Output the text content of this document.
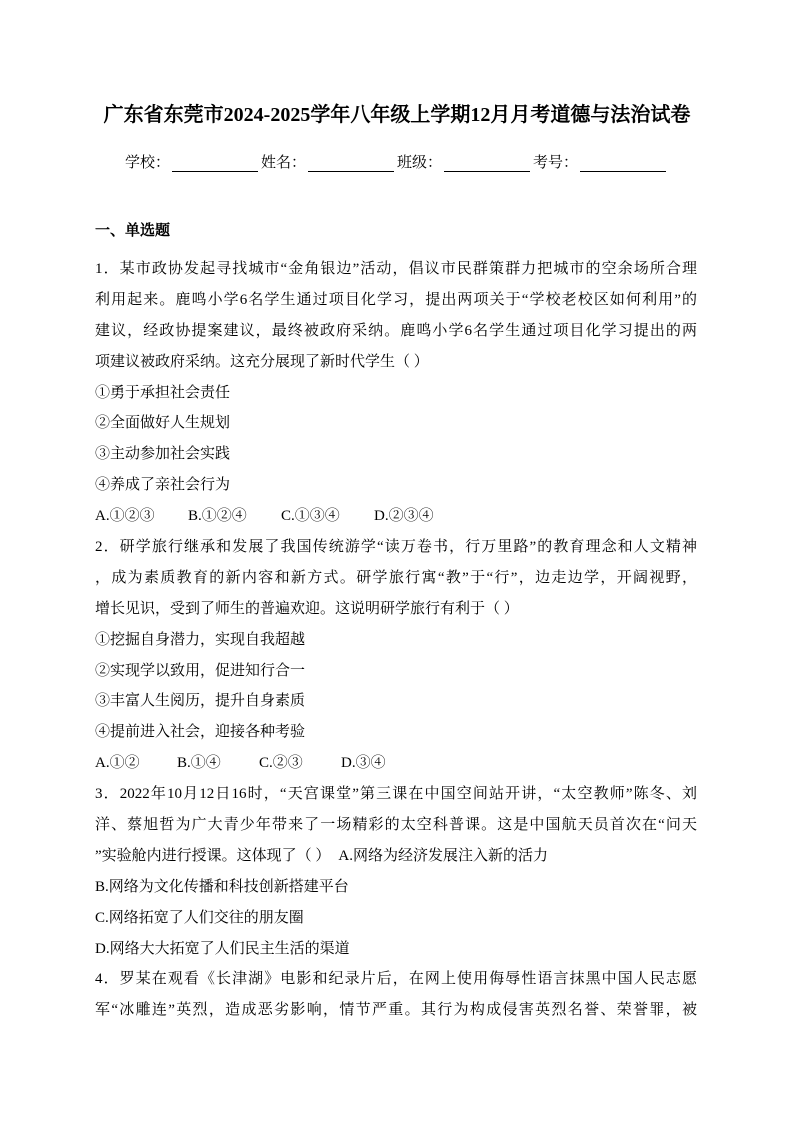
广东省东莞市2024-2025学年八年级上学期12月月考道德与法治试卷
学校：	姓名：	班级：	考号：
一、单选题
1．某市政协发起寻找城市“金角银边”活动，倡议市民群策群力把城市的空余场所合理
利用起来。鹿鸣小学6名学生通过项目化学习，提出两项关于“学校老校区如何利用”的
建议，经政协提案建议，最终被政府采纳。鹿鸣小学6名学生通过项目化学习提出的两
项建议被政府采纳。这充分展现了新时代学生（ ）
①勇于承担社会责任
②全面做好人生规划
③主动参加社会实践
④养成了亲社会行为
A.①②③	B.①②④	C.①③④	D.②③④
2．研学旅行继承和发展了我国传统游学“读万卷书，行万里路”的教育理念和人文精神
，成为素质教育的新内容和新方式。研学旅行寓“教”于“行”，边走边学，开阔视野，
增长见识，受到了师生的普遍欢迎。这说明研学旅行有利于（ ）
①挖掘自身潜力，实现自我超越
②实现学以致用，促进知行合一
③丰富人生阅历，提升自身素质
④提前进入社会，迎接各种考验
A.①②	B.①④	C.②③	D.③④
3．2022年10月12日16时，“天宫课堂”第三课在中国空间站开讲，“太空教师”陈冬、刘
洋、蔡旭哲为广大青少年带来了一场精彩的太空科普课。这是中国航天员首次在“问天
”实验舱内进行授课。这体现了（ ） A.网络为经济发展注入新的活力
B.网络为文化传播和科技创新搭建平台
C.网络拓宽了人们交往的朋友圈
D.网络大大拓宽了人们民主生活的渠道
4．罗某在观看《长津湖》电影和纪录片后，在网上使用侮辱性语言抹黑中国人民志愿
军“冰雕连”英烈，造成恶劣影响，情节严重。其行为构成侵害英烈名誉、荣誉罪，被
